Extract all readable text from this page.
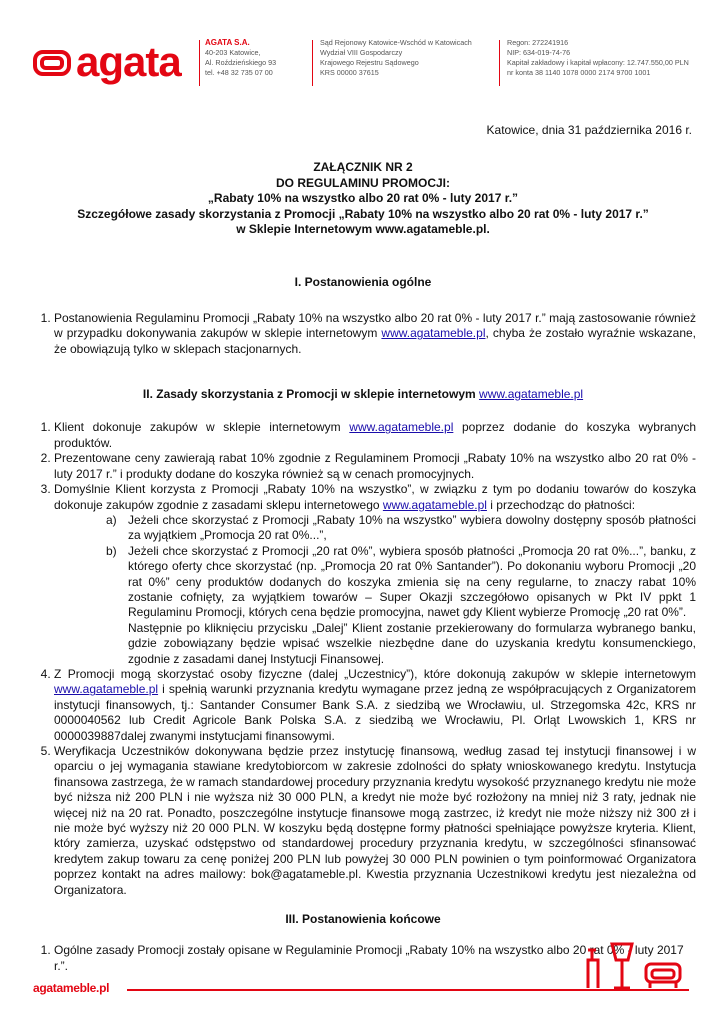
agata	AGATA S.A.
40-203 Katowice,
Al. Roździeńskiego 93
tel. +48 32 735 07 00
Sąd Rejonowy Katowice-Wschód w Katowicach
Wydział VIII Gospodarczy
Krajowego Rejestru Sądowego
KRS 00000 37615
Regon: 272241916
NIP: 634-019-74-76
Kapitał zakładowy i kapitał wpłacony: 12.747.550,00 PLN
nr konta 38 1140 1078 0000 2174 9700 1001
Katowice, dnia 31 października 2016 r.
ZAŁĄCZNIK NR 2
DO REGULAMINU PROMOCJI:
„Rabaty 10% na wszystko albo 20 rat 0% - luty 2017 r.”
Szczegółowe zasady skorzystania z Promocji „Rabaty 10% na wszystko albo 20 rat 0% - luty 2017 r.”
w Sklepie Internetowym www.agatameble.pl.
I. Postanowienia ogólne
1. Postanowienia Regulaminu Promocji „Rabaty 10% na wszystko albo 20 rat 0% - luty 2017 r.” mają zastosowanie również w przypadku dokonywania zakupów w sklepie internetowym www.agatameble.pl, chyba że zostało wyraźnie wskazane, że obowiązują tylko w sklepach stacjonarnych.
II. Zasady skorzystania z Promocji w sklepie internetowym www.agatameble.pl
1. Klient dokonuje zakupów w sklepie internetowym www.agatameble.pl poprzez dodanie do koszyka wybranych produktów.
2. Prezentowane ceny zawierają rabat 10% zgodnie z Regulaminem Promocji „Rabaty 10% na wszystko albo 20 rat 0% - luty 2017 r.” i produkty dodane do koszyka również są w cenach promocyjnych.
3. Domyślnie Klient korzysta z Promocji „Rabaty 10% na wszystko”, w związku z tym po dodaniu towarów do koszyka dokonuje zakupów zgodnie z zasadami sklepu internetowego www.agatameble.pl i przechodząc do płatności:
a) Jeżeli chce skorzystać z Promocji „Rabaty 10% na wszystko” wybiera dowolny dostępny sposób płatności za wyjątkiem „Promocja 20 rat 0%...”,
b) Jeżeli chce skorzystać z Promocji „20 rat 0%”, wybiera sposób płatności „Promocja 20 rat 0%...”, banku, z którego oferty chce skorzystać (np. „Promocja 20 rat 0% Santander”). Po dokonaniu wyboru Promocji „20 rat 0%” ceny produktów dodanych do koszyka zmienia się na ceny regularne, to znaczy rabat 10% zostanie cofnięty, za wyjątkiem towarów – Super Okazji szczegółowo opisanych w Pkt IV ppkt 1 Regulaminu Promocji, których cena będzie promocyjna, nawet gdy Klient wybierze Promocję „20 rat 0%”.
Następnie po kliknięciu przycisku „Dalej” Klient zostanie przekierowany do formularza wybranego banku, gdzie zobowiązany będzie wpisać wszelkie niezbędne dane do uzyskania kredytu konsumenckiego, zgodnie z zasadami danej Instytucji Finansowej.
4. Z Promocji mogą skorzystać osoby fizyczne (dalej „Uczestnicy”), które dokonują zakupów w sklepie internetowym www.agatameble.pl i spełnią warunki przyznania kredytu wymagane przez jedną ze współpracujących z Organizatorem instytucji finansowych, tj.: Santander Consumer Bank S.A. z siedzibą we Wrocławiu, ul. Strzegomska 42c, KRS nr 0000040562 lub Credit Agricole Bank Polska S.A. z siedzibą we Wrocławiu, Pl. Orląt Lwowskich 1, KRS nr 0000039887dalej zwanymi instytucjami finansowymi.
5. Weryfikacja Uczestników dokonywana będzie przez instytucję finansową, według zasad tej instytucji finansowej i w oparciu o jej wymagania stawiane kredytobiorcom w zakresie zdolności do spłaty wnioskowanego kredytu. Instytucja finansowa zastrzega, że w ramach standardowej procedury przyznania kredytu wysokość przyznanego kredytu nie może być niższa niż 200 PLN i nie wyższa niż 30 000 PLN, a kredyt nie może być rozłożony na mniej niż 3 raty, jednak nie więcej niż na 20 rat. Ponadto, poszczególne instytucje finansowe mogą zastrzec, iż kredyt nie może niższy niż 300 zł i nie może być wyższy niż 20 000 PLN. W koszyku będą dostępne formy płatności spełniające powyższe kryteria. Klient, który zamierza, uzyskać odstępstwo od standardowej procedury przyznania kredytu, w szczególności sfinansować kredytem zakup towaru za cenę poniżej 200 PLN lub powyżej 30 000 PLN powinien o tym poinformować Organizatora poprzez kontakt na adres mailowy: bok@agatameble.pl. Kwestia przyznania Uczestnikowi kredytu jest niezależna od Organizatora.
III. Postanowienia końcowe
1. Ogólne zasady Promocji zostały opisane w Regulaminie Promocji „Rabaty 10% na wszystko albo 20 rat 0% - luty 2017 r.”.
agatameble.pl
